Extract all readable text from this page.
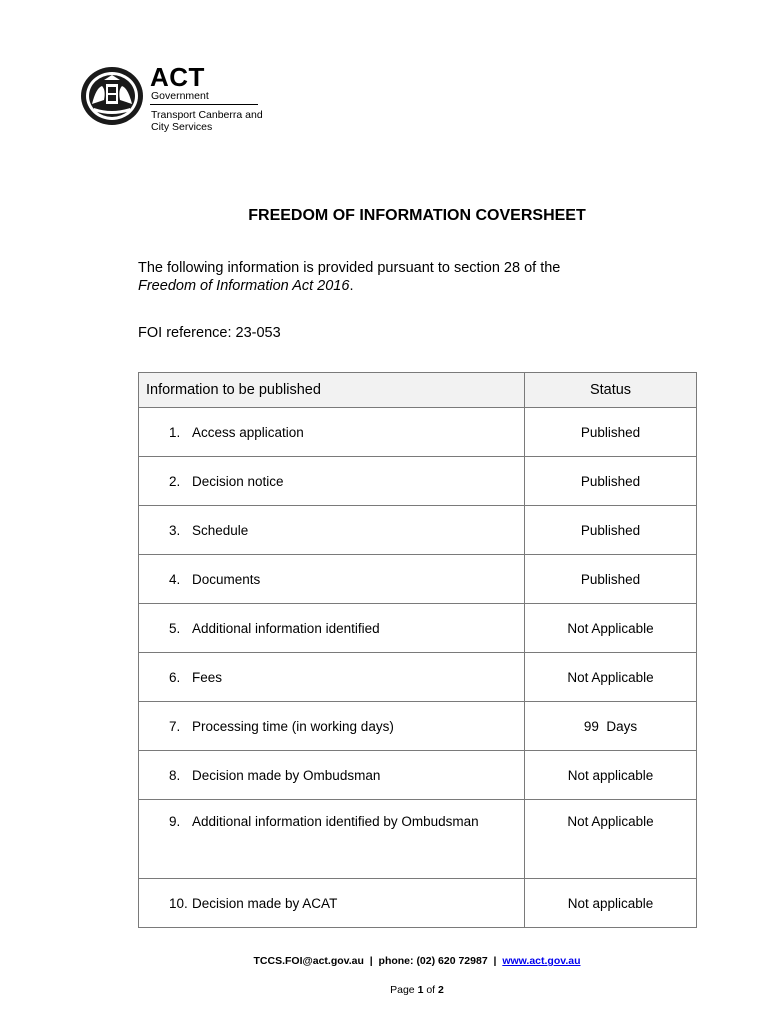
ACT
Government
Transport Canberra and
City Services
FREEDOM OF INFORMATION COVERSHEET
The following information is provided pursuant to section 28 of the
Freedom of Information Act 2016.
FOI reference: 23-053
Information to be published	Status
1. Access application	Published
2. Decision notice	Published
3. Schedule	Published
4. Documents	Published
5. Additional information identified	Not Applicable
6. Fees	Not Applicable
7. Processing time (in working days)	99  Days
8. Decision made by Ombudsman	Not applicable
9. Additional information identified by Ombudsman	Not Applicable
10. Decision made by ACAT	Not applicable
TCCS.FOI@act.gov.au | phone: (02) 620 72987 | www.act.gov.au
Page 1 of 2
